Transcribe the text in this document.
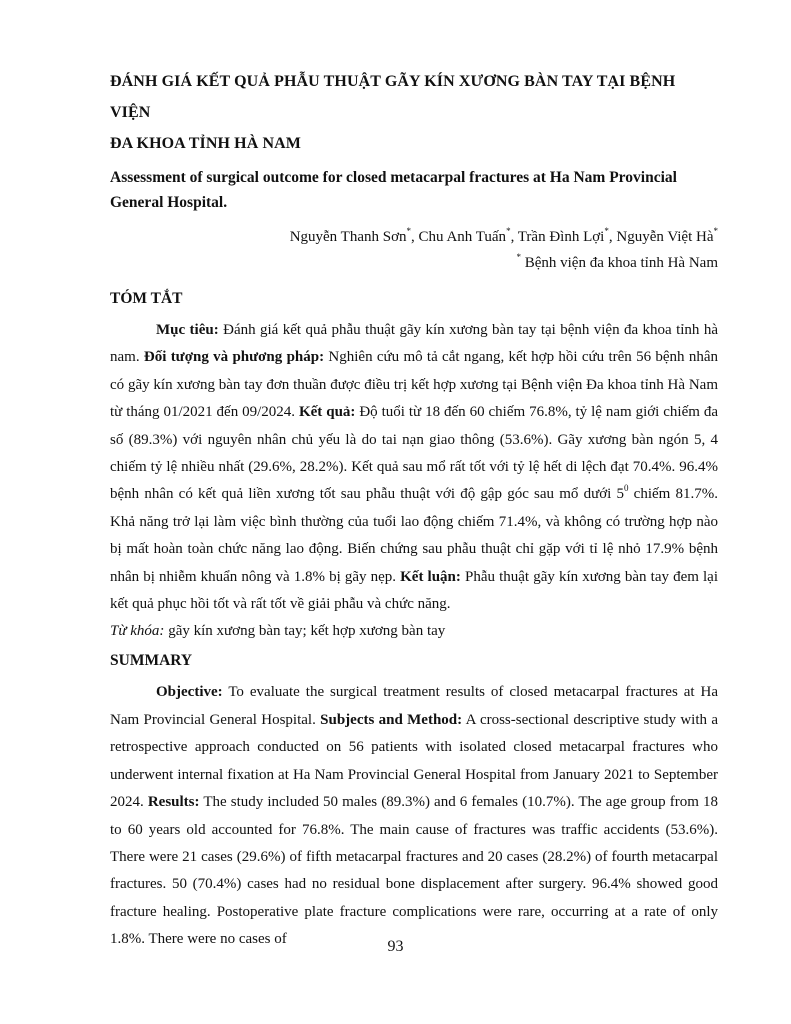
ĐÁNH GIÁ KẾT QUẢ PHẪU THUẬT GÃY KÍN XƯƠNG BÀN TAY TẠI BỆNH VIỆN
ĐA KHOA TỈNH HÀ NAM

Assessment of surgical outcome for closed metacarpal fractures at Ha Nam Provincial General Hospital.

Nguyễn Thanh Sơn*, Chu Anh Tuấn*, Trần Đình Lợi*, Nguyễn Việt Hà*

* Bệnh viện đa khoa tỉnh Hà Nam

TÓM TẮT

Mục tiêu: Đánh giá kết quả phẫu thuật gãy kín xương bàn tay tại bệnh viện đa khoa tỉnh hà nam. Đối tượng và phương pháp: Nghiên cứu mô tả cắt ngang, kết hợp hồi cứu trên 56 bệnh nhân có gãy kín xương bàn tay đơn thuần được điều trị kết hợp xương tại Bệnh viện Đa khoa tỉnh Hà Nam từ tháng 01/2021 đến 09/2024. Kết quả: Độ tuổi từ 18 đến 60 chiếm 76.8%, tỷ lệ nam giới chiếm đa số (89.3%) với nguyên nhân chủ yếu là do tai nạn giao thông (53.6%). Gãy xương bàn ngón 5, 4 chiếm tỷ lệ nhiều nhất (29.6%, 28.2%). Kết quả sau mổ rất tốt với tỷ lệ hết di lệch đạt 70.4%. 96.4% bệnh nhân có kết quả liền xương tốt sau phẫu thuật với độ gập góc sau mổ dưới $5^0$ chiếm 81.7%. Khả năng trở lại làm việc bình thường của tuổi lao động chiếm 71.4%, và không có trường hợp nào bị mất hoàn toàn chức năng lao động. Biến chứng sau phẫu thuật chỉ gặp với tỉ lệ nhỏ 17.9% bệnh nhân bị nhiễm khuẩn nông và 1.8% bị gãy nẹp. Kết luận: Phẫu thuật gãy kín xương bàn tay đem lại kết quả phục hồi tốt và rất tốt về giải phẫu và chức năng.

Từ khóa: gãy kín xương bàn tay; kết hợp xương bàn tay

SUMMARY

Objective: To evaluate the surgical treatment results of closed metacarpal fractures at Ha Nam Provincial General Hospital. Subjects and Method: A cross-sectional descriptive study with a retrospective approach conducted on 56 patients with isolated closed metacarpal fractures who underwent internal fixation at Ha Nam Provincial General Hospital from January 2021 to September 2024. Results: The study included 50 males (89.3%) and 6 females (10.7%). The age group from 18 to 60 years old accounted for 76.8%. The main cause of fractures was traffic accidents (53.6%). There were 21 cases (29.6%) of fifth metacarpal fractures and 20 cases (28.2%) of fourth metacarpal fractures. 50 (70.4%) cases had no residual bone displacement after surgery. 96.4% showed good fracture healing. Postoperative plate fracture complications were rare, occurring at a rate of only 1.8%. There were no cases of	93
